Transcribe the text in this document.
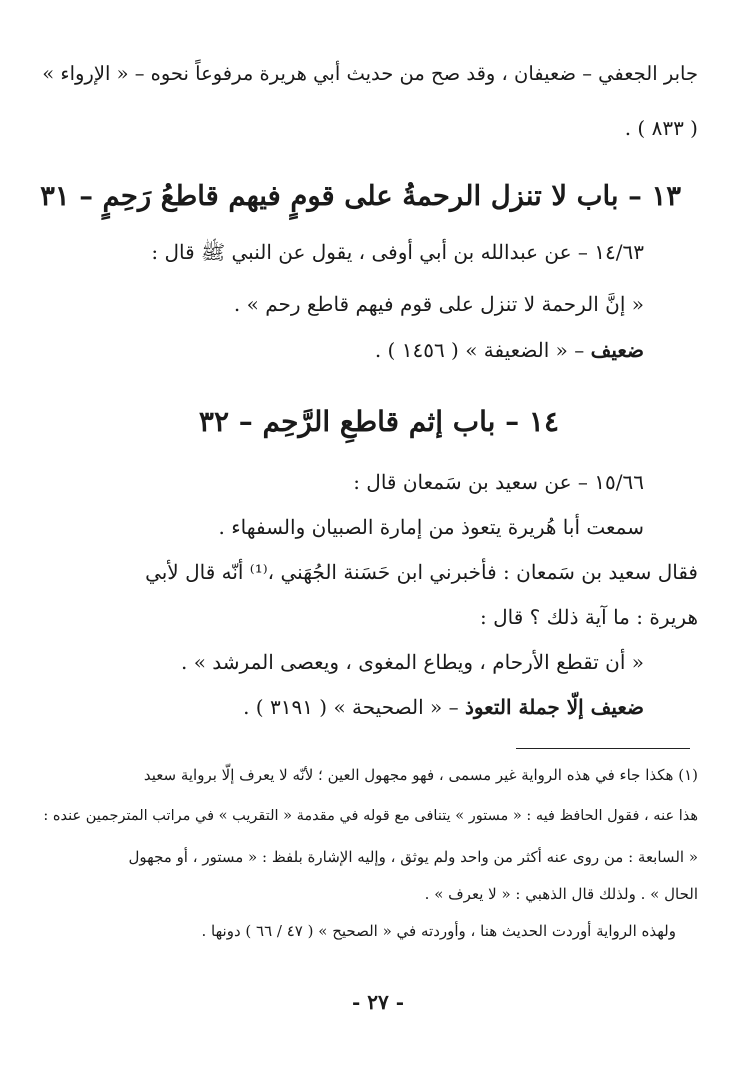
جابر الجعفي – ضعيفان ، وقد صح من حديث أبي هريرة مرفوعاً نحوه – « الإرواء »
( ٨٣٣ ) .
١٣ – باب لا تنزل الرحمةُ على قومٍ فيهم قاطعُ رَحِمٍ – ٣١
١٤/٦٣ – عن عبدالله بن أبي أوفى ، يقول عن النبي ﷺ قال :
« إنَّ الرحمة لا تنزل على قوم فيهم قاطع رحم » .
ضعيف – « الضعيفة » ( ١٤٥٦ ) .
١٤ – باب إثم قاطعِ الرَّحِم – ٣٢
١٥/٦٦ – عن سعيد بن سَمعان قال :
سمعت أبا هُريرة يتعوذ من إمارة الصبيان والسفهاء .
فقال سعيد بن سَمعان : فأخبرني ابن حَسَنة الجُهَني ،⁽¹⁾ أنّه قال لأبي
هريرة : ما آية ذلك ؟ قال :
« أن تقطع الأرحام ، ويطاع المغوى ، ويعصى المرشد » .
ضعيف إلّا جملة التعوذ – « الصحيحة » ( ٣١٩١ ) .
(١) هكذا جاء في هذه الرواية غير مسمى ، فهو مجهول العين ؛ لأنّه لا يعرف إلّا برواية سعيد
هذا عنه ، فقول الحافظ فيه : « مستور » يتنافى مع قوله في مقدمة « التقريب » في مراتب المترجمين عنده :
« السابعة : من روى عنه أكثر من واحد ولم يوثق ، وإليه الإشارة بلفظ : « مستور ، أو مجهول
الحال » . ولذلك قال الذهبي : « لا يعرف » .
ولهذه الرواية أوردت الحديث هنا ، وأوردته في « الصحيح » ( ٤٧ / ٦٦ ) دونها .
- ٢٧ -
